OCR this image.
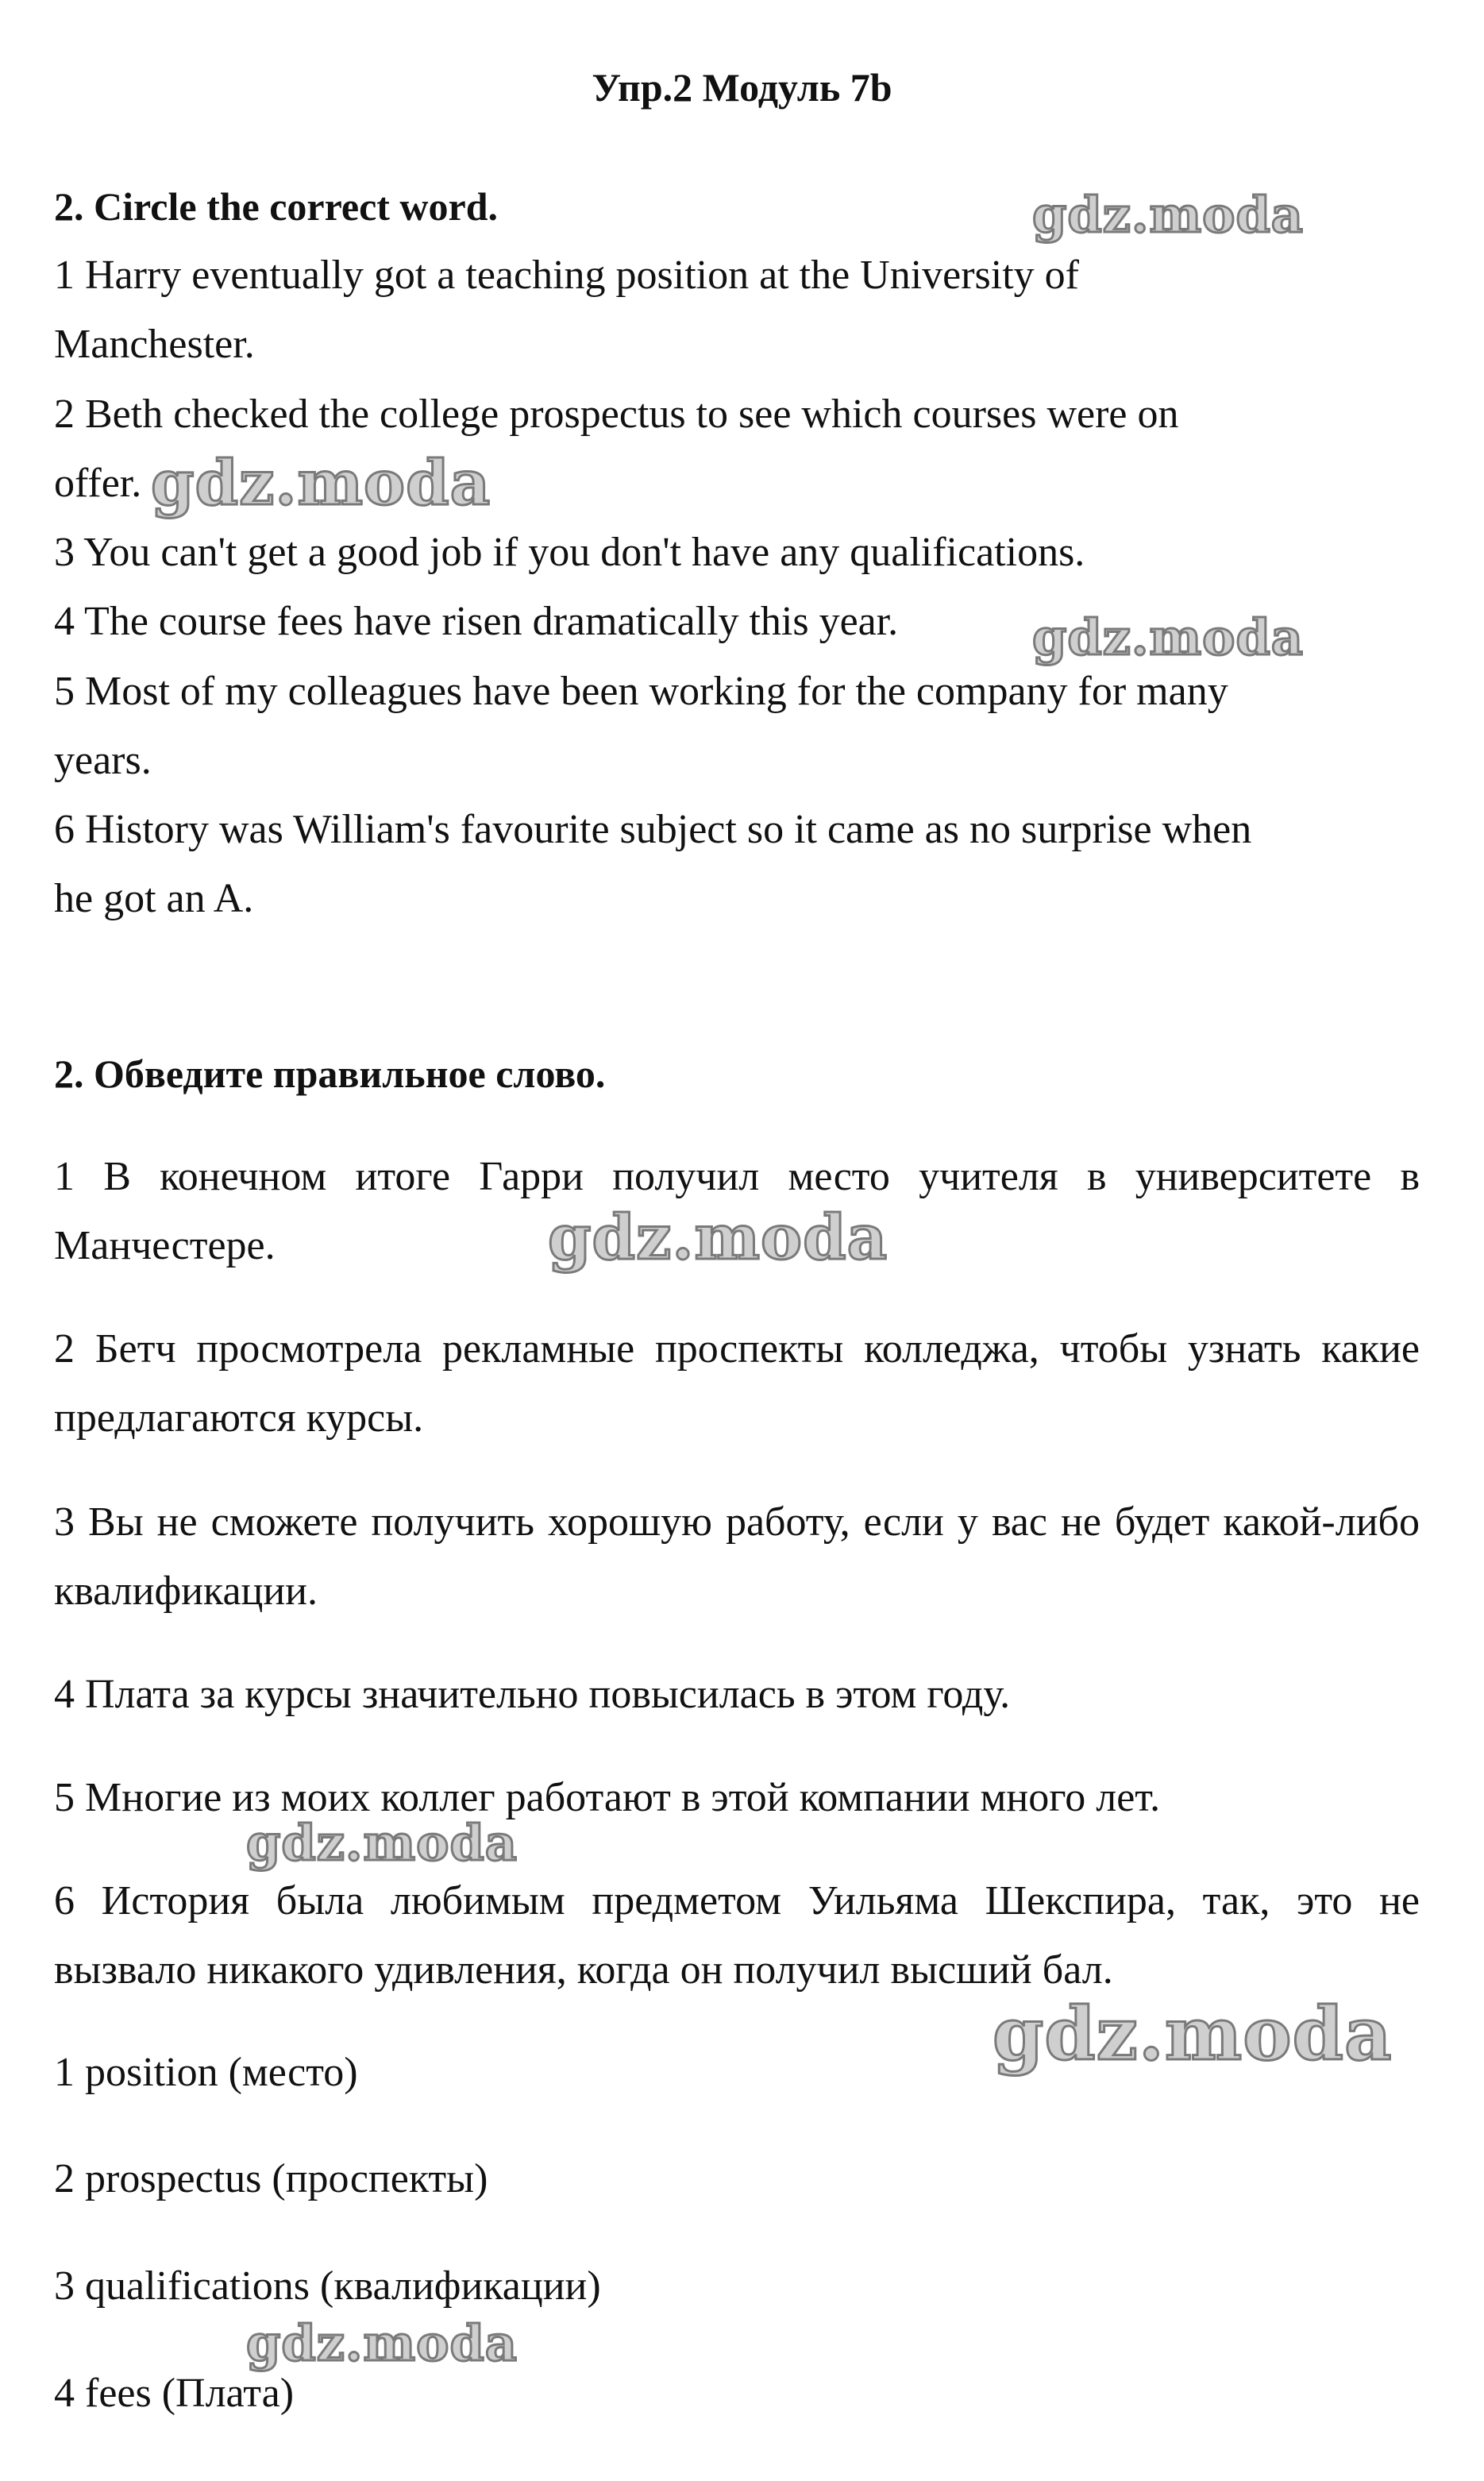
Упр.2 Модуль 7b
2. Circle the correct word.
1 Harry eventually got a teaching position at the University of
Manchester.
2 Beth checked the college prospectus to see which courses were on
offer.
3 You can't get a good job if you don't have any qualifications.
4 The course fees have risen dramatically this year.
5 Most of my colleagues have been working for the company for many
years.
6 History was William's favourite subject so it came as no surprise when
he got an A.
2. Обведите правильное слово.
1 В конечном итоге Гарри получил место учителя в университете в Манчестере.
2 Бетч просмотрела рекламные проспекты колледжа, чтобы узнать какие предлагаются курсы.
3 Вы не сможете получить хорошую работу, если у вас не будет какой-либо квалификации.
4 Плата за курсы значительно повысилась в этом году.
5 Многие из моих коллег работают в этой компании много лет.
6 История была любимым предметом Уильяма Шекспира, так, это не вызвало никакого удивления, когда он получил высший бал.
1 position (место)
2 prospectus (проспекты)
3 qualifications (квалификации)
4 fees (Плата)
gdz.moda
gdz.moda
gdz.moda
gdz.moda
gdz.moda
gdz.moda
gdz.moda
